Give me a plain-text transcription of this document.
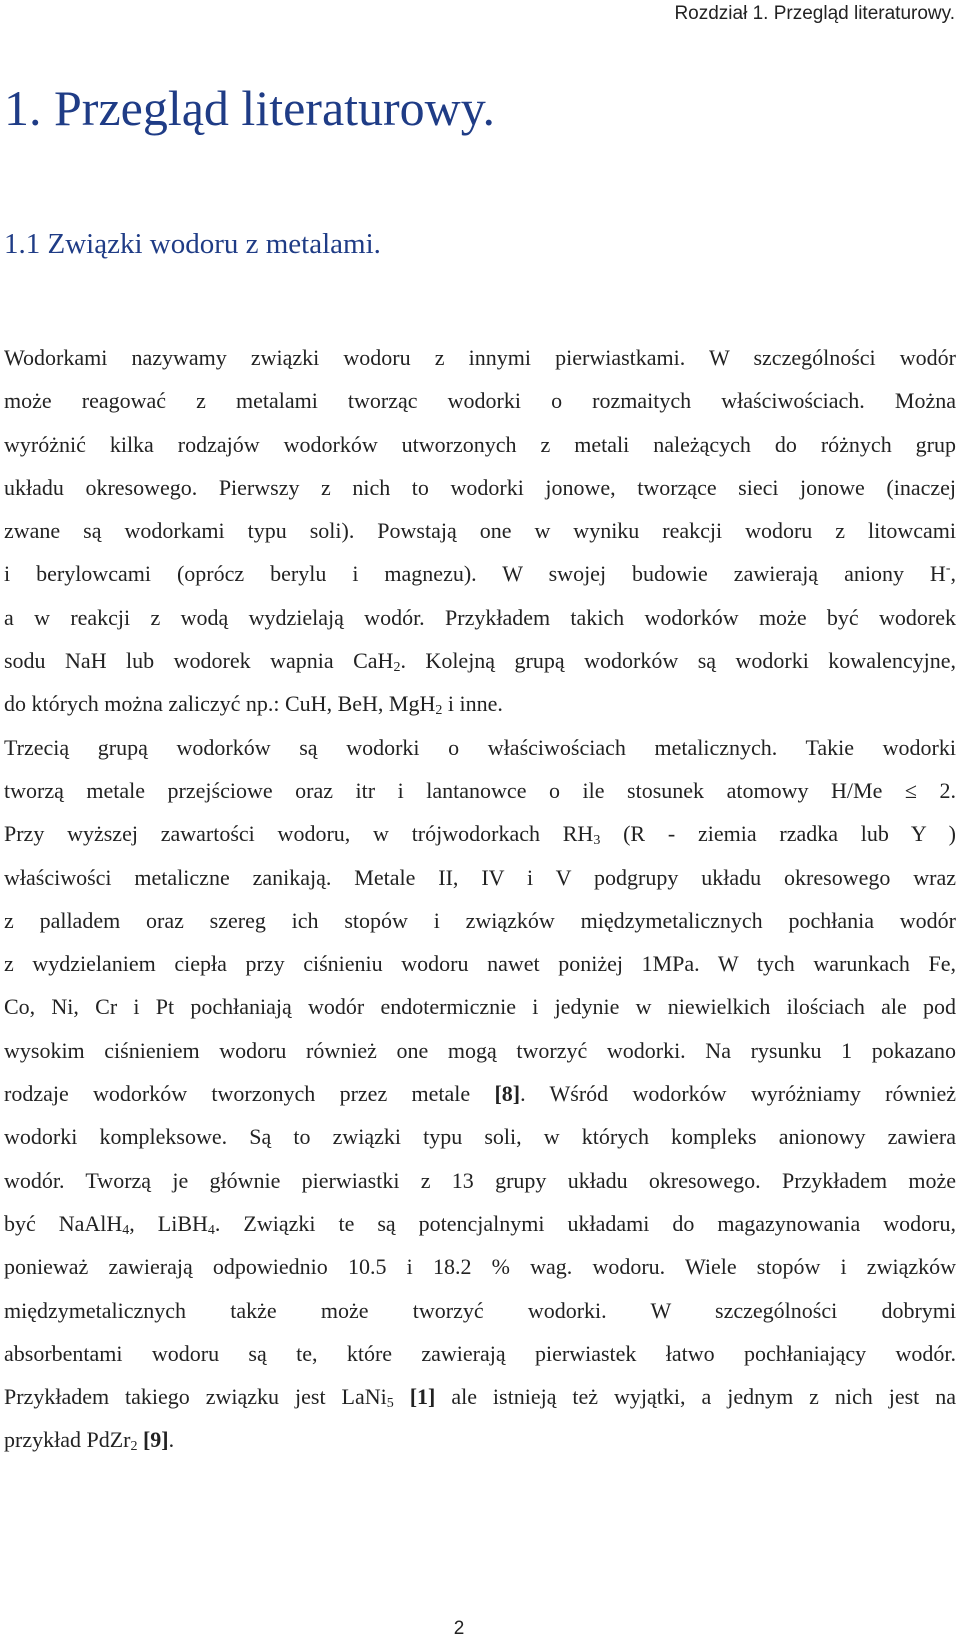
Rozdział 1. Przegląd literaturowy.
1. Przegląd literaturowy.
1.1 Związki wodoru z metalami.
Wodorkami nazywamy związki wodoru z innymi pierwiastkami. W szczególności wodór
może reagować z metalami tworząc wodorki o rozmaitych właściwościach. Można
wyróżnić kilka rodzajów wodorków utworzonych z metali należących do różnych grup
układu okresowego. Pierwszy z nich to wodorki jonowe, tworzące sieci jonowe (inaczej
zwane są wodorkami typu soli). Powstają one w wyniku reakcji wodoru z litowcami
i berylowcami (oprócz berylu i magnezu). W swojej budowie zawierają aniony H-,
a w reakcji z wodą wydzielają wodór. Przykładem takich wodorków może być wodorek
sodu NaH lub wodorek wapnia CaH$_2$. Kolejną grupą wodorków są wodorki kowalencyjne,
do których można zaliczyć np.: CuH, BeH, MgH$_2$ i inne.
Trzecią grupą wodorków są wodorki o właściwościach metalicznych. Takie wodorki
tworzą metale przejściowe oraz itr i lantanowce o ile stosunek atomowy H/Me ≤ 2.
Przy wyższej zawartości wodoru, w trójwodorkach $RH_3$ (R - ziemia rzadka lub Y )
właściwości metaliczne zanikają. Metale II, IV i V podgrupy układu okresowego wraz
z palladem oraz szereg ich stopów i związków międzymetalicznych pochłania wodór
z wydzielaniem ciepła przy ciśnieniu wodoru nawet poniżej 1MPa. W tych warunkach Fe,
Co, Ni, Cr i Pt pochłaniają wodór endotermicznie i jedynie w niewielkich ilościach ale pod
wysokim ciśnieniem wodoru również one mogą tworzyć wodorki. Na rysunku 1 pokazano
rodzaje wodorków tworzonych przez metale [8]. Wśród wodorków wyróżniamy również
wodorki kompleksowe. Są to związki typu soli, w których kompleks anionowy zawiera
wodór. Tworzą je głównie pierwiastki z 13 grupy układu okresowego. Przykładem może
być NaAlH$_4$, LiBH$_4$. Związki te są potencjalnymi układami do magazynowania wodoru,
ponieważ zawierają odpowiednio 10.5 i 18.2 % wag. wodoru. Wiele stopów i związków
międzymetalicznych także może tworzyć wodorki. W szczególności dobrymi
absorbentami wodoru są te, które zawierają pierwiastek łatwo pochłaniający wodór.
Przykładem takiego związku jest LaNi$_5$ [1] ale istnieją też wyjątki, a jednym z nich jest na
przykład PdZr$_2$ [9].
2
